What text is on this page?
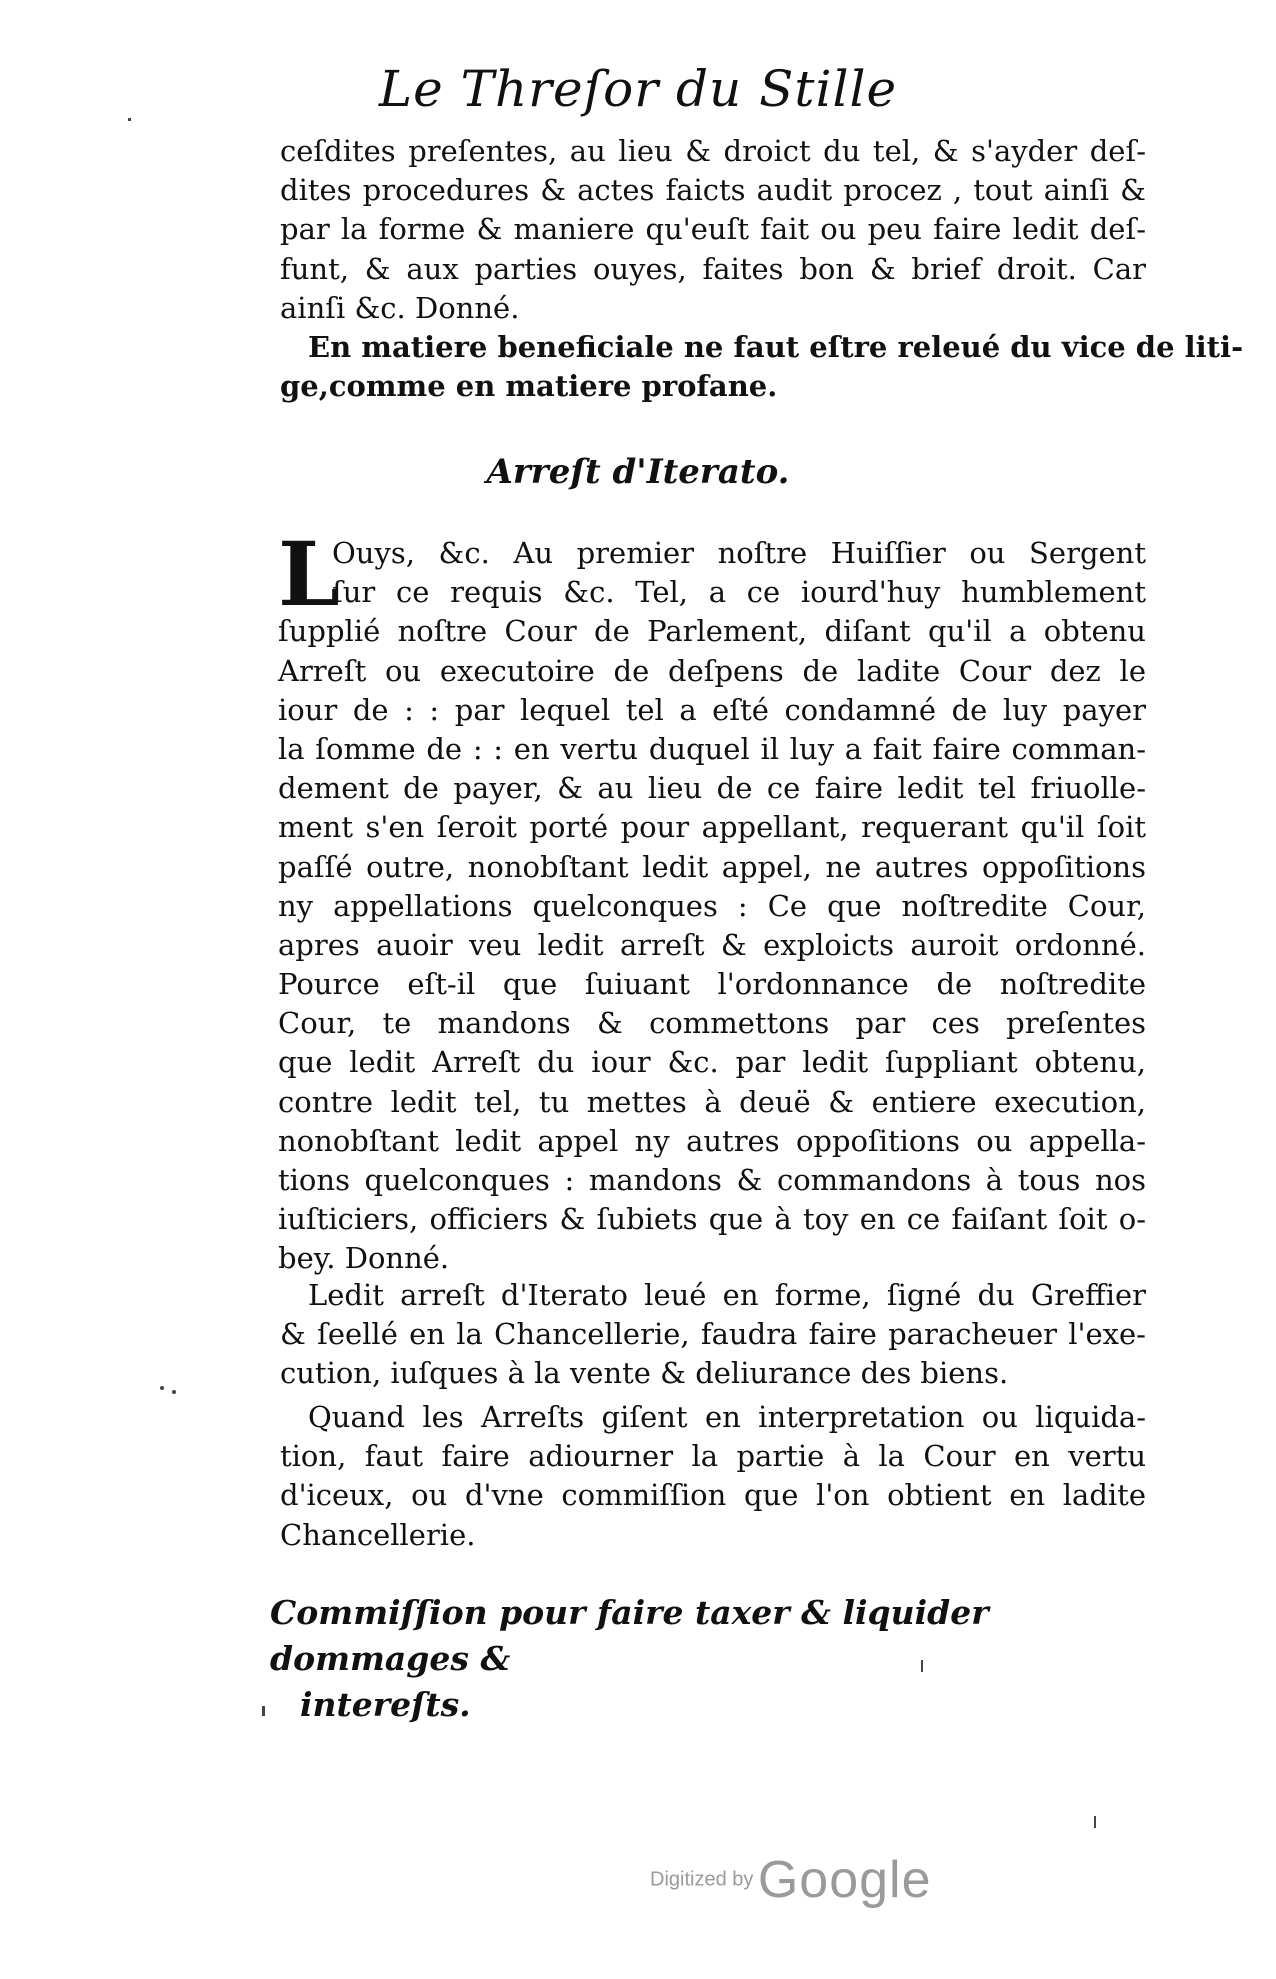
Le Threſor du Stille
ceſdites preſentes, au lieu & droict du tel, & s'ayder deſ-
dites procedures & actes faicts audit procez , tout ainſi &
par la forme & maniere qu'euſt fait ou peu faire ledit deſ-
funt, & aux parties ouyes, faites bon & brief droit. Car
ainſi &c. Donné.
En matiere beneficiale ne faut eſtre releué du vice de liti-
ge,comme en matiere profane.
Arreſt d'Iterato.
L
Ouys, &c. Au premier noſtre Huiſſier ou Sergent
ſur ce requis &c. Tel, a ce iourd'huy humblement
ſupplié noſtre Cour de Parlement, diſant qu'il a obtenu
Arreſt ou executoire de deſpens de ladite Cour dez le
iour de : : par lequel tel a eſté condamné de luy payer
la ſomme de : : en vertu duquel il luy a fait faire comman-
dement de payer, & au lieu de ce faire ledit tel friuolle-
ment s'en ſeroit porté pour appellant, requerant qu'il ſoit
paſſé outre, nonobſtant ledit appel, ne autres oppoſitions
ny appellations quelconques : Ce que noſtredite Cour,
apres auoir veu ledit arreſt & exploicts auroit ordonné.
Pource eſt-il que ſuiuant l'ordonnance de noſtredite
Cour, te mandons & commettons par ces preſentes
que ledit Arreſt du iour &c. par ledit ſuppliant obtenu,
contre ledit tel, tu mettes à deuë & entiere execution,
nonobſtant ledit appel ny autres oppoſitions ou appella-
tions quelconques : mandons & commandons à tous nos
iuſticiers, officiers & ſubiets que à toy en ce faiſant ſoit o-
bey. Donné.
Ledit arreſt d'Iterato leué en forme, ſigné du Greffier
& ſeellé en la Chancellerie, faudra faire paracheuer l'exe-
cution, iuſques à la vente & deliurance des biens.
Quand les Arreſts giſent en interpretation ou liquida-
tion, faut faire adiourner la partie à la Cour en vertu
d'iceux, ou d'vne commiſſion que l'on obtient en ladite
Chancellerie.
Commiſſion pour faire taxer & liquider dommages &
intereſts.
Digitized by Google
